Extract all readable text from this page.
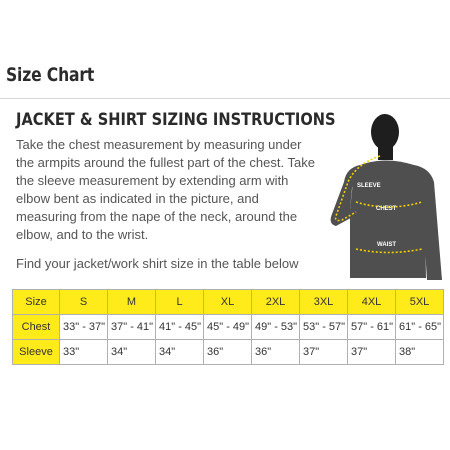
Size Chart
JACKET & SHIRT SIZING INSTRUCTIONS
Take the chest measurement by measuring under the armpits around the fullest part of the chest. Take the sleeve measurement by extending arm with elbow bent as indicated in the picture, and measuring from the nape of the neck, around the elbow, and to the wrist.
Find your jacket/work shirt size in the table below
SLEEVE
CHEST
WAIST
Size	S	M	L	XL	2XL	3XL	4XL	5XL
Chest	33" - 37"	37" - 41"	41" - 45"	45" - 49"	49" - 53"	53" - 57"	57" - 61"	61" - 65"
Sleeve	33"	34"	34"	36"	36"	37"	37"	38"
